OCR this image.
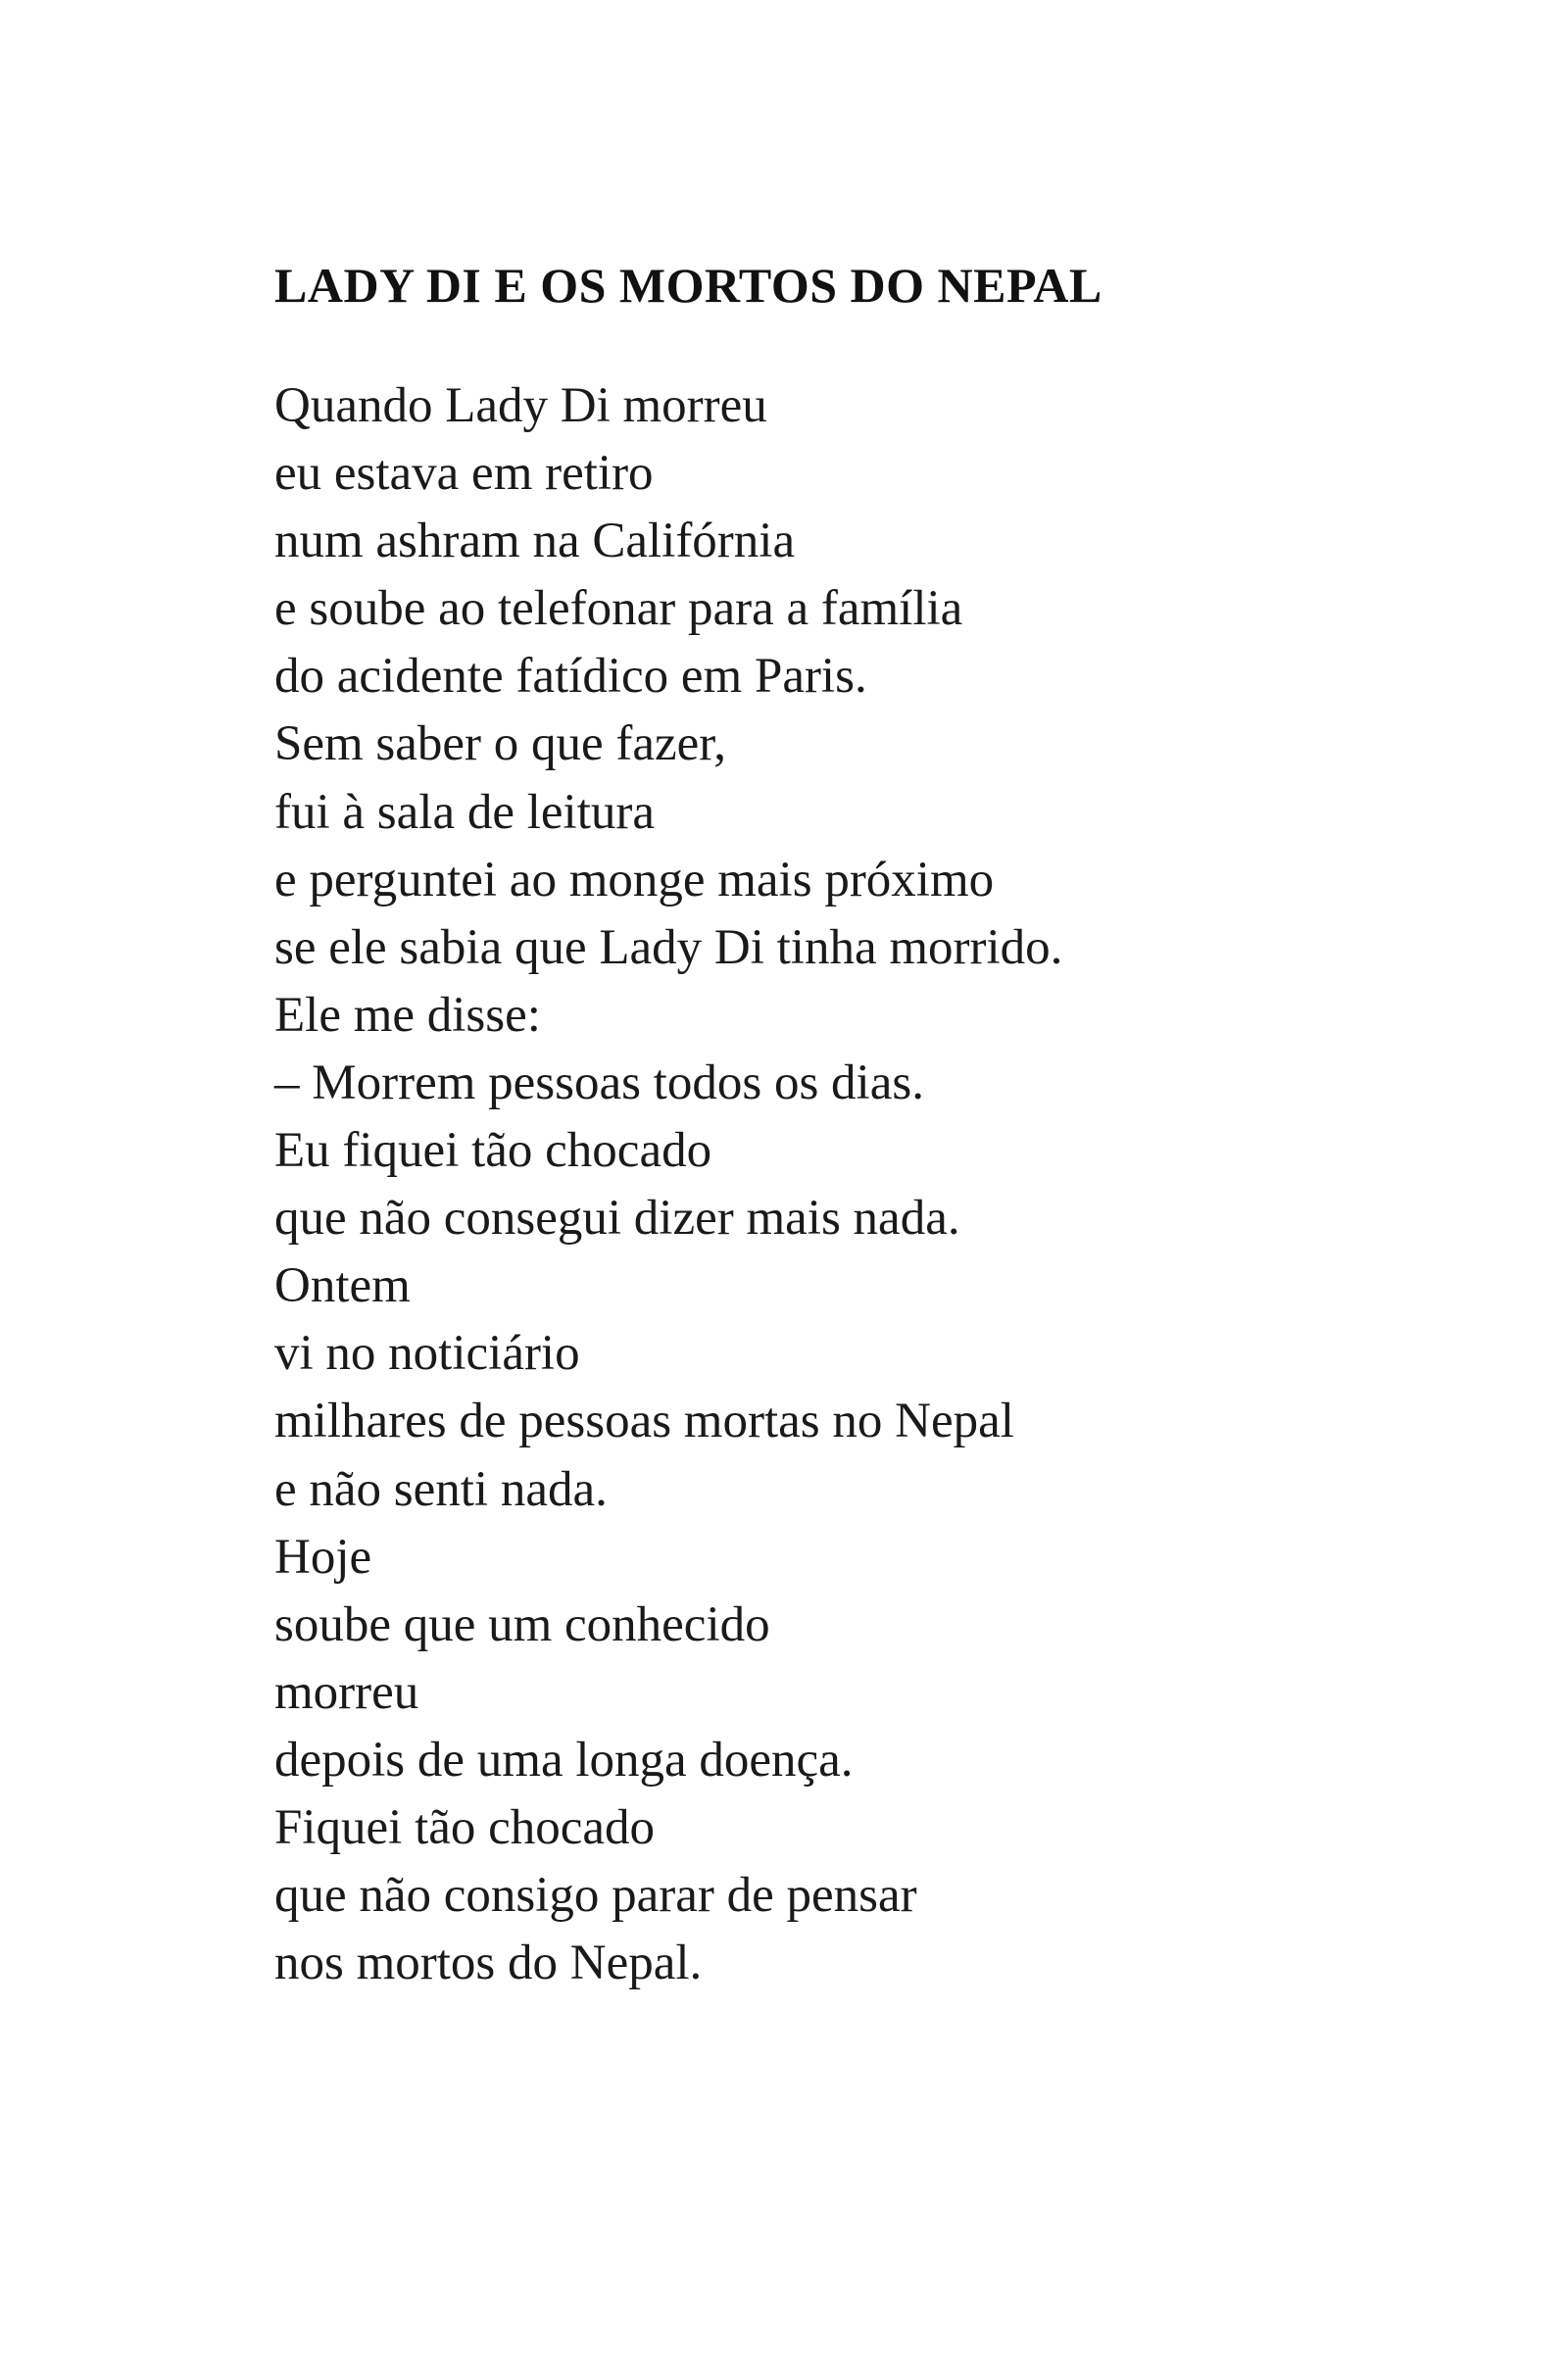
LADY DI E OS MORTOS DO NEPAL
Quando Lady Di morreu
eu estava em retiro
num ashram na Califórnia
e soube ao telefonar para a família
do acidente fatídico em Paris.
Sem saber o que fazer,
fui à sala de leitura
e perguntei ao monge mais próximo
se ele sabia que Lady Di tinha morrido.
Ele me disse:
– Morrem pessoas todos os dias.
Eu fiquei tão chocado
que não consegui dizer mais nada.
Ontem
vi no noticiário
milhares de pessoas mortas no Nepal
e não senti nada.
Hoje
soube que um conhecido
morreu
depois de uma longa doença.
Fiquei tão chocado
que não consigo parar de pensar
nos mortos do Nepal.
